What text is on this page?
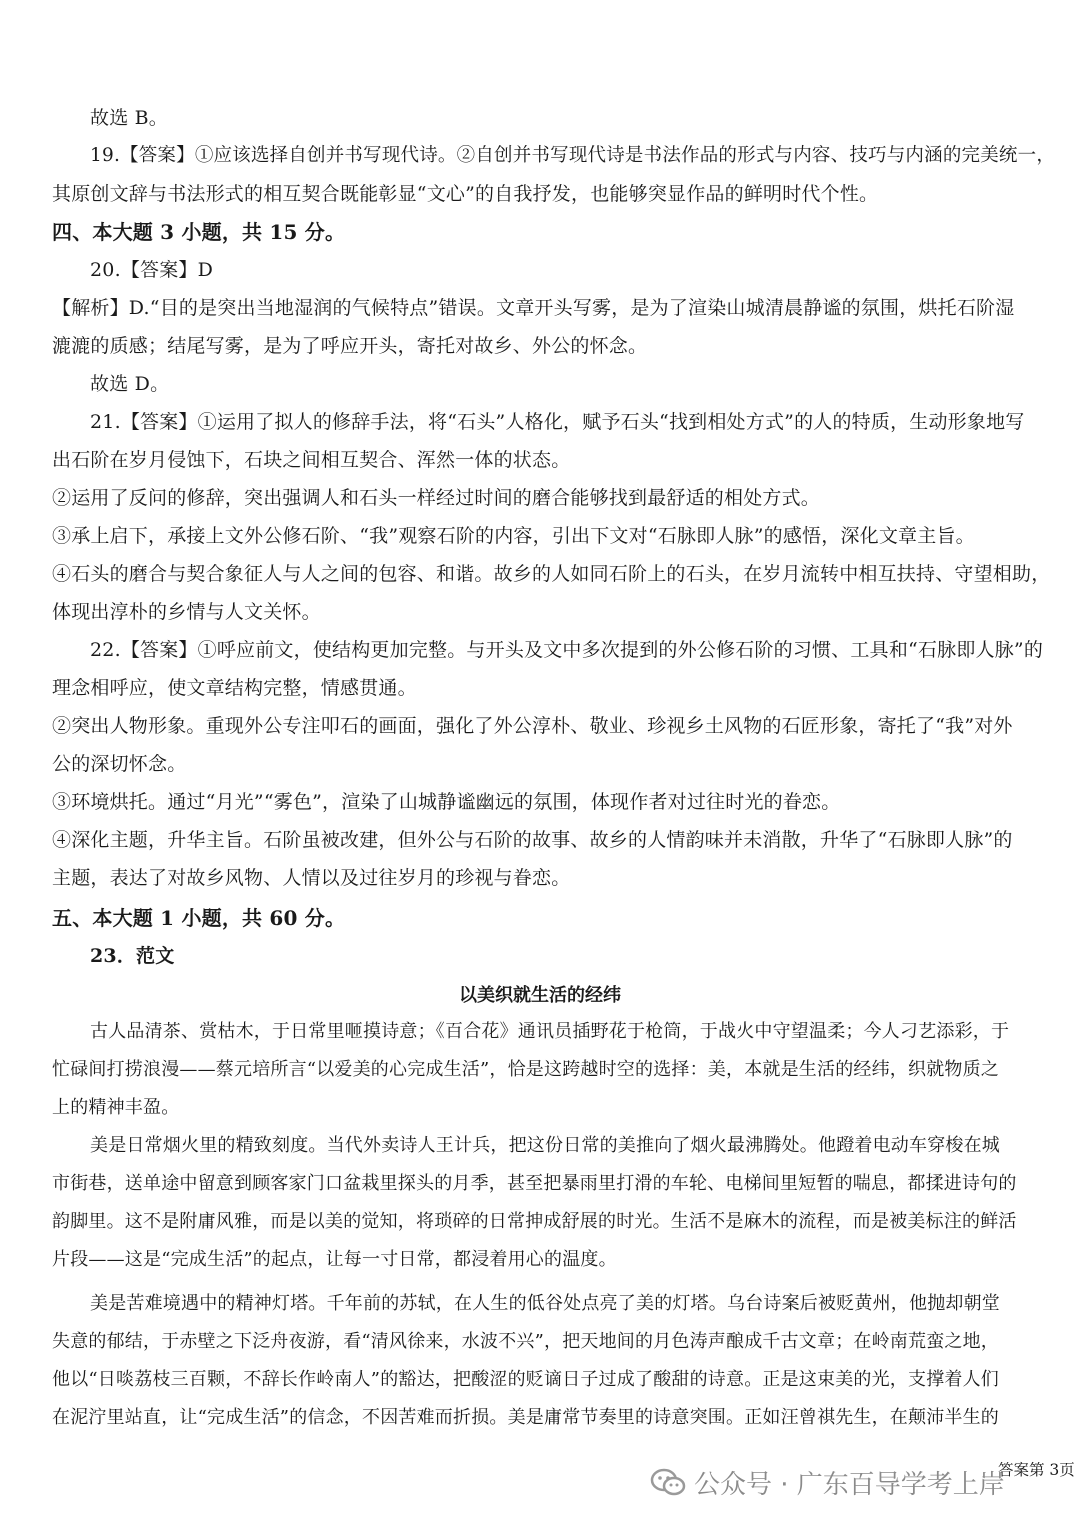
故选 B。
19.【答案】①应该选择自创并书写现代诗。②自创并书写现代诗是书法作品的形式与内容、技巧与内涵的完美统一，
其原创文辞与书法形式的相互契合既能彰显“文心”的自我抒发，也能够突显作品的鲜明时代个性。
四、本大题 3 小题，共 15 分。
20.【答案】D
【解析】D.“目的是突出当地湿润的气候特点”错误。文章开头写雾，是为了渲染山城清晨静谧的氛围，烘托石阶湿
漉漉的质感；结尾写雾，是为了呼应开头，寄托对故乡、外公的怀念。
故选 D。
21.【答案】①运用了拟人的修辞手法，将“石头”人格化，赋予石头“找到相处方式”的人的特质，生动形象地写
出石阶在岁月侵蚀下，石块之间相互契合、浑然一体的状态。
②运用了反问的修辞，突出强调人和石头一样经过时间的磨合能够找到最舒适的相处方式。
③承上启下，承接上文外公修石阶、“我”观察石阶的内容，引出下文对“石脉即人脉”的感悟，深化文章主旨。
④石头的磨合与契合象征人与人之间的包容、和谐。故乡的人如同石阶上的石头，在岁月流转中相互扶持、守望相助，
体现出淳朴的乡情与人文关怀。
22.【答案】①呼应前文，使结构更加完整。与开头及文中多次提到的外公修石阶的习惯、工具和“石脉即人脉”的
理念相呼应，使文章结构完整，情感贯通。
②突出人物形象。重现外公专注叩石的画面，强化了外公淳朴、敬业、珍视乡土风物的石匠形象，寄托了“我”对外
公的深切怀念。
③环境烘托。通过“月光”“雾色”，渲染了山城静谧幽远的氛围，体现作者对过往时光的眷恋。
④深化主题，升华主旨。石阶虽被改建，但外公与石阶的故事、故乡的人情韵味并未消散，升华了“石脉即人脉”的
主题，表达了对故乡风物、人情以及过往岁月的珍视与眷恋。
五、本大题 1 小题，共 60 分。
23．范文
以美织就生活的经纬
古人品清茶、赏枯木，于日常里咂摸诗意；《百合花》通讯员插野花于枪筒，于战火中守望温柔；今人刁艺添彩，于
忙碌间打捞浪漫——蔡元培所言“以爱美的心完成生活”，恰是这跨越时空的选择：美，本就是生活的经纬，织就物质之
上的精神丰盈。
美是日常烟火里的精致刻度。当代外卖诗人王计兵，把这份日常的美推向了烟火最沸腾处。他蹬着电动车穿梭在城
市街巷，送单途中留意到顾客家门口盆栽里探头的月季，甚至把暴雨里打滑的车轮、电梯间里短暂的喘息，都揉进诗句的
韵脚里。这不是附庸风雅，而是以美的觉知，将琐碎的日常抻成舒展的时光。生活不是麻木的流程，而是被美标注的鲜活
片段——这是“完成生活”的起点，让每一寸日常，都浸着用心的温度。
美是苦难境遇中的精神灯塔。千年前的苏轼，在人生的低谷处点亮了美的灯塔。乌台诗案后被贬黄州，他抛却朝堂
失意的郁结，于赤壁之下泛舟夜游，看“清风徐来，水波不兴”，把天地间的月色涛声酿成千古文章；在岭南荒蛮之地，
他以“日啖荔枝三百颗，不辞长作岭南人”的豁达，把酸涩的贬谪日子过成了酸甜的诗意。正是这束美的光，支撑着人们
在泥泞里站直，让“完成生活”的信念，不因苦难而折损。美是庸常节奏里的诗意突围。正如汪曾祺先生，在颠沛半生的
公众号 · 广东百导学考上岸
答案第 3页
